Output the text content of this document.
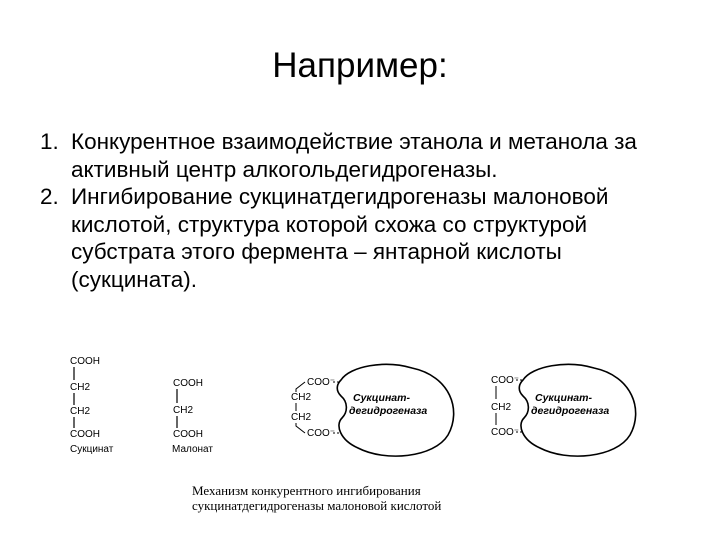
Например:
1. Конкурентное взаимодействие этанола и метанола за активный центр алкогольдегидрогеназы.
2. Ингибирование сукцинатдегидрогеназы малоновой кислотой, структура которой схожа со структурой субстрата этого фермента – янтарной кислоты (сукцината).
COOH
CH2
CH2
COOH
Сукцинат
COOH
CH2
COOH
Малонат
COO⁻
CH2
CH2
COO⁻
Сукцинат-
дегидрогеназа
COO⁻
CH2
COO⁻
Сукцинат-
дегидрогеназа
Механизм конкурентного ингибирования
сукцинатдегидрогеназы малоновой кислотой
